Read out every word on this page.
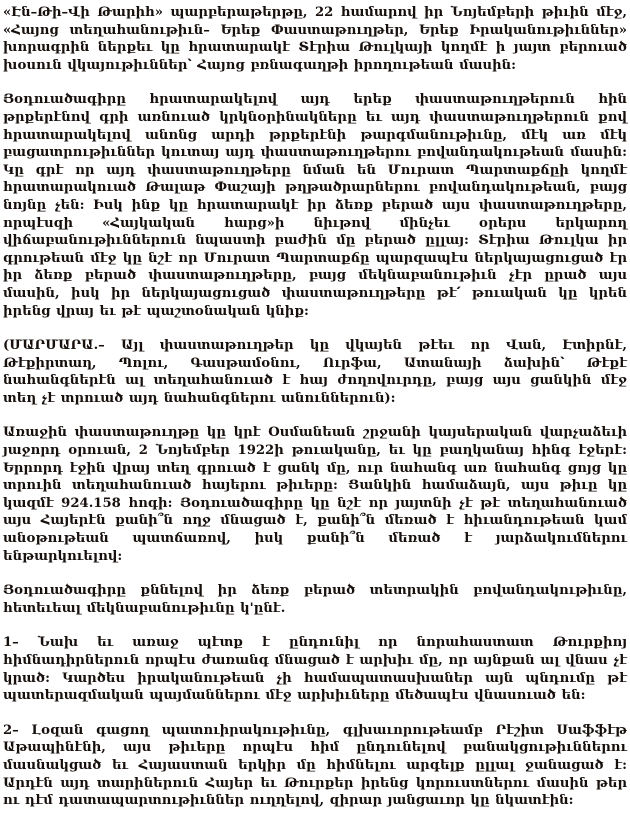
«Էն–Թի–Վի Թարիհ» պարբերաթերթը, 22 համարով իր Նոյեմբերի թիւին մէջ, «Հայոց տեղահանութիւն– Երեք Փաստաթուղթեր, Երեք Իրականութիւններ» խորագրին ներքեւ կը հրատարակէ Տէրիա Թուլկայի կողմէ ի յայտ բերուած խօսուն վկայութիւններ՝ Հայոց բռնագաղթի իրողութեան մասին:

Յօդուածագիրը հրատարակելով այդ երեք փաստաթուղթերուն հին թրքերէնով գրի առնուած կրկնօրինակները եւ այդ փաստաթուղթերուն քով հրատարակելով անոնց արդի թրքերէնի թարգմանութիւնը, մէկ առ մէկ բացատրութիւններ կուտայ այդ փաստաթուղթերու բովանդակութեան մասին: Կը գրէ որ այդ փաստաթուղթերը նման են Մուրատ Պարտաքճըի կողմէ հրատարակուած Թալաթ Փաշայի թղթածրարներու բովանդակութեան, բայց նոյնը չեն: Իսկ ինք կը հրատարակէ իր ձեռք բերած այս փաստաթուղթերը, որպէսզի «Հայկական հարց»ի նիւթով մինչեւ օրերս երկարող վիճաբանութիւններուն նպաստի բաժին մը բերած ըլլայ: Տէրիա Թուլկա իր գրութեան մէջ կը նշէ որ Մուրատ Պարտաքճը պարզապէս ներկայացուցած էր իր ձեռք բերած փաստաթուղթերը, բայց մեկնաբանութիւն չէր ըրած այս մասին, իսկ իր ներկայացուցած փաստաթուղթերը թէ՛ թուական կը կրեն իրենց վրայ եւ թէ պաշտօնական կնիք:

(ՄԱՐՄԱՐԱ.– Այլ փաստաթուղթեր կը վկայեն թէեւ որ Վան, Էտիրնէ, Թէքիրտաղ, Պոլու, Գասթամօնու, Ուրֆա, Ատանայի ձախին՝ Թէքէ նահանգներէն ալ տեղահանուած է հայ ժողովուրդը, բայց այս ցանկին մէջ տեղ չէ տրուած այդ նահանգներու անուններուն):

Առաջին փաստաթուղթը կը կրէ Օսմանեան շրջանի կայսերական վարչաձեւի յաջորդ օրուան, 2 Նոյեմբեր 1922ի թուականը, եւ կը բաղկանայ հինգ էջերէ: Երրորդ էջին վրայ տեղ գրուած է ցանկ մը, ուր նահանգ առ նահանգ ցոյց կը տրուին տեղահանուած հայերու թիւերը: Ցանկին համաձայն, այս թիւը կը կազմէ 924.158 հոգի: Յօդուածագիրը կը նշէ որ յայտնի չէ թէ տեղահանուած այս Հայերէն քանի՞ն ողջ մնացած է, քանի՞ն մեռած է հիւանդութեան կամ անօթութեան պատճառով, իսկ քանի՞ն մեռած է յարձակումներու ենթարկուելով:

Յօդուածագիրը քննելով իր ձեռք բերած տետրակին բովանդակութիւնը, հետեւեալ մեկնաբանութիւնը կ'ընէ.

1– Նախ եւ առաջ պէտք է ընդունիլ որ նորահաստատ Թուրքիոյ հիմնադիրներուն որպէս ժառանգ մնացած է արխիւ մը, որ այնքան ալ վնաս չէ կրած: Կարծես իրականութեան չի համապատասխաներ այն պնդումը թէ պատերազմական պայմաններու մէջ արխիւները մեծապէս վնասուած են:

2– Լօզան գացող պատուիրակութիւնը, գլխաւորութեամբ Րէշիտ Սաֆֆէթ Աթապինէնի, այս թիւերը որպէս հիմ ընդունելով բանակցութիւններու մասնակցած եւ Հայաստան երկիր մը հիմնելու արգելք ըլլալ ջանացած է: Արդէն այդ տարիներուն Հայեր եւ Թուրքեր իրենց կորուստներու մասին թեր ու դէմ դատապարտութիւններ ուղղելով, զիրար յանցաւոր կը նկատէին:
